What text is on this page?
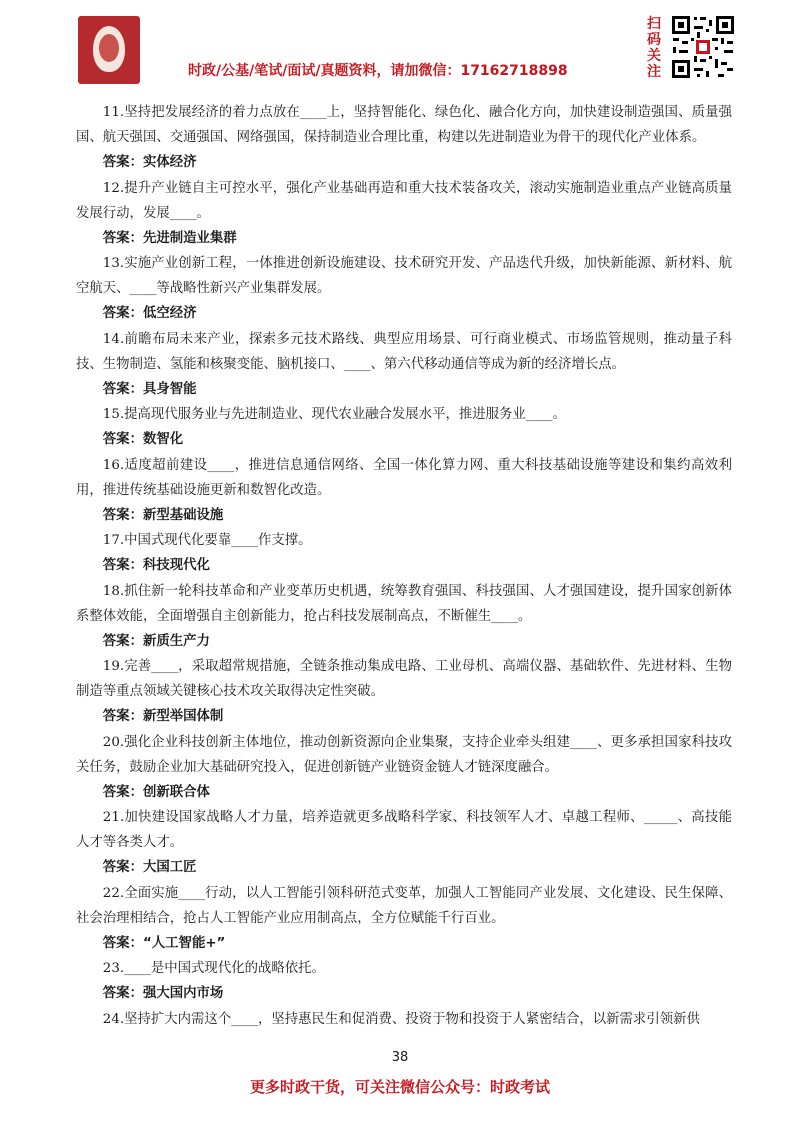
时政/公基/笔试/面试/真题资料，请加微信：17162718898
扫
码
关
注

11.坚持把发展经济的着力点放在____上，坚持智能化、绿色化、融合化方向，加快建设制造强国、质量强国、航天强国、交通强国、网络强国，保持制造业合理比重，构建以先进制造业为骨干的现代化产业体系。

答案：实体经济

12.提升产业链自主可控水平，强化产业基础再造和重大技术装备攻关，滚动实施制造业重点产业链高质量发展行动，发展____。

答案：先进制造业集群

13.实施产业创新工程，一体推进创新设施建设、技术研究开发、产品迭代升级，加快新能源、新材料、航空航天、____等战略性新兴产业集群发展。

答案：低空经济

14.前瞻布局未来产业，探索多元技术路线、典型应用场景、可行商业模式、市场监管规则，推动量子科技、生物制造、氢能和核聚变能、脑机接口、____、第六代移动通信等成为新的经济增长点。

答案：具身智能

15.提高现代服务业与先进制造业、现代农业融合发展水平，推进服务业____。

答案：数智化

16.适度超前建设____，推进信息通信网络、全国一体化算力网、重大科技基础设施等建设和集约高效利用，推进传统基础设施更新和数智化改造。

答案：新型基础设施

17.中国式现代化要靠____作支撑。

答案：科技现代化

18.抓住新一轮科技革命和产业变革历史机遇，统筹教育强国、科技强国、人才强国建设，提升国家创新体系整体效能，全面增强自主创新能力，抢占科技发展制高点，不断催生____。

答案：新质生产力

19.完善____，采取超常规措施，全链条推动集成电路、工业母机、高端仪器、基础软件、先进材料、生物制造等重点领域关键核心技术攻关取得决定性突破。

答案：新型举国体制

20.强化企业科技创新主体地位，推动创新资源向企业集聚，支持企业牵头组建____、更多承担国家科技攻关任务，鼓励企业加大基础研究投入，促进创新链产业链资金链人才链深度融合。

答案：创新联合体

21.加快建设国家战略人才力量，培养造就更多战略科学家、科技领军人才、卓越工程师、_____、高技能人才等各类人才。

答案：大国工匠

22.全面实施____行动，以人工智能引领科研范式变革，加强人工智能同产业发展、文化建设、民生保障、社会治理相结合，抢占人工智能产业应用制高点，全方位赋能千行百业。

答案：“人工智能+”

23.____是中国式现代化的战略依托。

答案：强大国内市场

24.坚持扩大内需这个____，坚持惠民生和促消费、投资于物和投资于人紧密结合，以新需求引领新供

38
更多时政干货，可关注微信公众号：时政考试
